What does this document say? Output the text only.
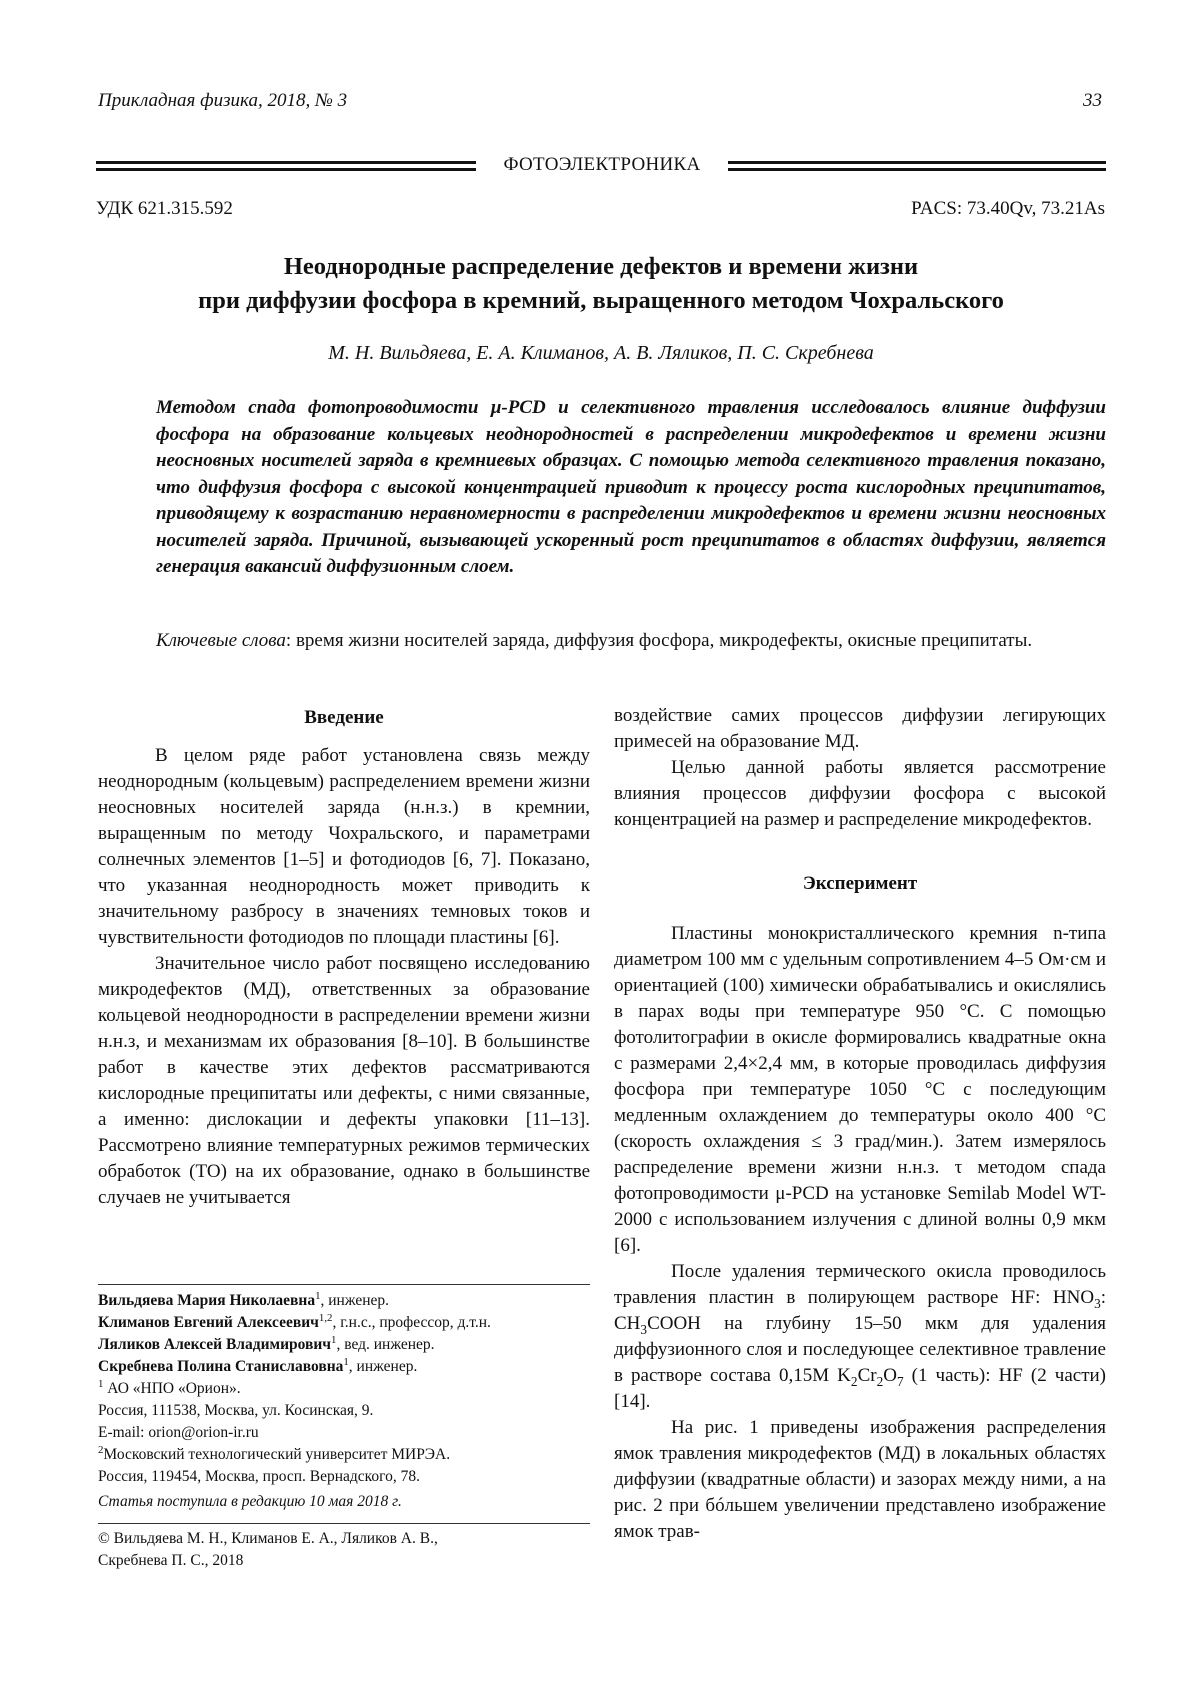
Прикладная физика, 2018, № 3	33
ФОТОЭЛЕКТРОНИКА
УДК 621.315.592	PACS: 73.40Qv, 73.21As
Неоднородные распределение дефектов и времени жизни
при диффузии фосфора в кремний, выращенного методом Чохральского
М. Н. Вильдяева, Е. А. Климанов, А. В. Ляликов, П. С. Скребнева
Методом спада фотопроводимости μ-PCD и селективного травления исследовалось влияние диффузии фосфора на образование кольцевых неоднородностей в распределении микродефектов и времени жизни неосновных носителей заряда в кремниевых образцах. С помощью метода селективного травления показано, что диффузия фосфора с высокой концентрацией приводит к процессу роста кислородных преципитатов, приводящему к возрастанию неравномерности в распределении микродефектов и времени жизни неосновных носителей заряда. Причиной, вызывающей ускоренный рост преципитатов в областях диффузии, является генерация вакансий диффузионным слоем.
Ключевые слова: время жизни носителей заряда, диффузия фосфора, микродефекты, окисные преципитаты.
Введение

В целом ряде работ установлена связь между неоднородным (кольцевым) распределением времени жизни неосновных носителей заряда (н.н.з.) в кремнии, выращенным по методу Чохральского, и параметрами солнечных элементов [1–5] и фотодиодов [6, 7]. Показано, что указанная неоднородность может приводить к значительному разбросу в значениях темновых токов и чувствительности фотодиодов по площади пластины [6].

Значительное число работ посвящено исследованию микродефектов (МД), ответственных за образование кольцевой неоднородности в распределении времени жизни н.н.з, и механизмам их образования [8–10]. В большинстве работ в качестве этих дефектов рассматриваются кислородные преципитаты или дефекты, с ними связанные, а именно: дислокации и дефекты упаковки [11–13]. Рассмотрено влияние температурных режимов термических обработок (ТО) на их образование, однако в большинстве случаев не учитывается

Вильдяева Мария Николаевна1, инженер.
Климанов Евгений Алексеевич1,2, г.н.с., профессор, д.т.н.
Ляликов Алексей Владимирович1, вед. инженер.
Скребнева Полина Станиславовна1, инженер.
1 АО «НПО «Орион».
Россия, 111538, Москва, ул. Косинская, 9.
E-mail: orion@orion-ir.ru
2Московский технологический университет МИРЭА.
Россия, 119454, Москва, просп. Вернадского, 78.
Статья поступила в редакцию 10 мая 2018 г.
© Вильдяева М. Н., Климанов Е. А., Ляликов А. В.,
Скребнева П. С., 2018

воздействие самих процессов диффузии легирующих примесей на образование МД.

Целью данной работы является рассмотрение влияния процессов диффузии фосфора с высокой концентрацией на размер и распределение микродефектов.

Эксперимент

Пластины монокристаллического кремния n-типа диаметром 100 мм с удельным сопротивлением 4–5 Ом·см и ориентацией (100) химически обрабатывались и окислялись в парах воды при температуре 950 °С. С помощью фотолитографии в окисле формировались квадратные окна с размерами 2,4×2,4 мм, в которые проводилась диффузия фосфора при температуре 1050 °С с последующим медленным охлаждением до температуры около 400 °С (скорость охлаждения ≤ 3 град/мин.). Затем измерялось распределение времени жизни н.н.з. τ методом спада фотопроводимости μ-PCD на установке Semilab Model WT-2000 с использованием излучения с длиной волны 0,9 мкм [6].

После удаления термического окисла проводилось травления пластин в полирующем растворе HF: HNO3: CH3COOH на глубину 15–50 мкм для удаления диффузионного слоя и последующее селективное травление в растворе состава 0,15M K2Cr2O7 (1 часть): HF (2 части) [14].

На рис. 1 приведены изображения распределения ямок травления микродефектов (МД) в локальных областях диффузии (квадратные области) и зазорах между ними, а на рис. 2 при бóльшем увеличении представлено изображение ямок трав-
